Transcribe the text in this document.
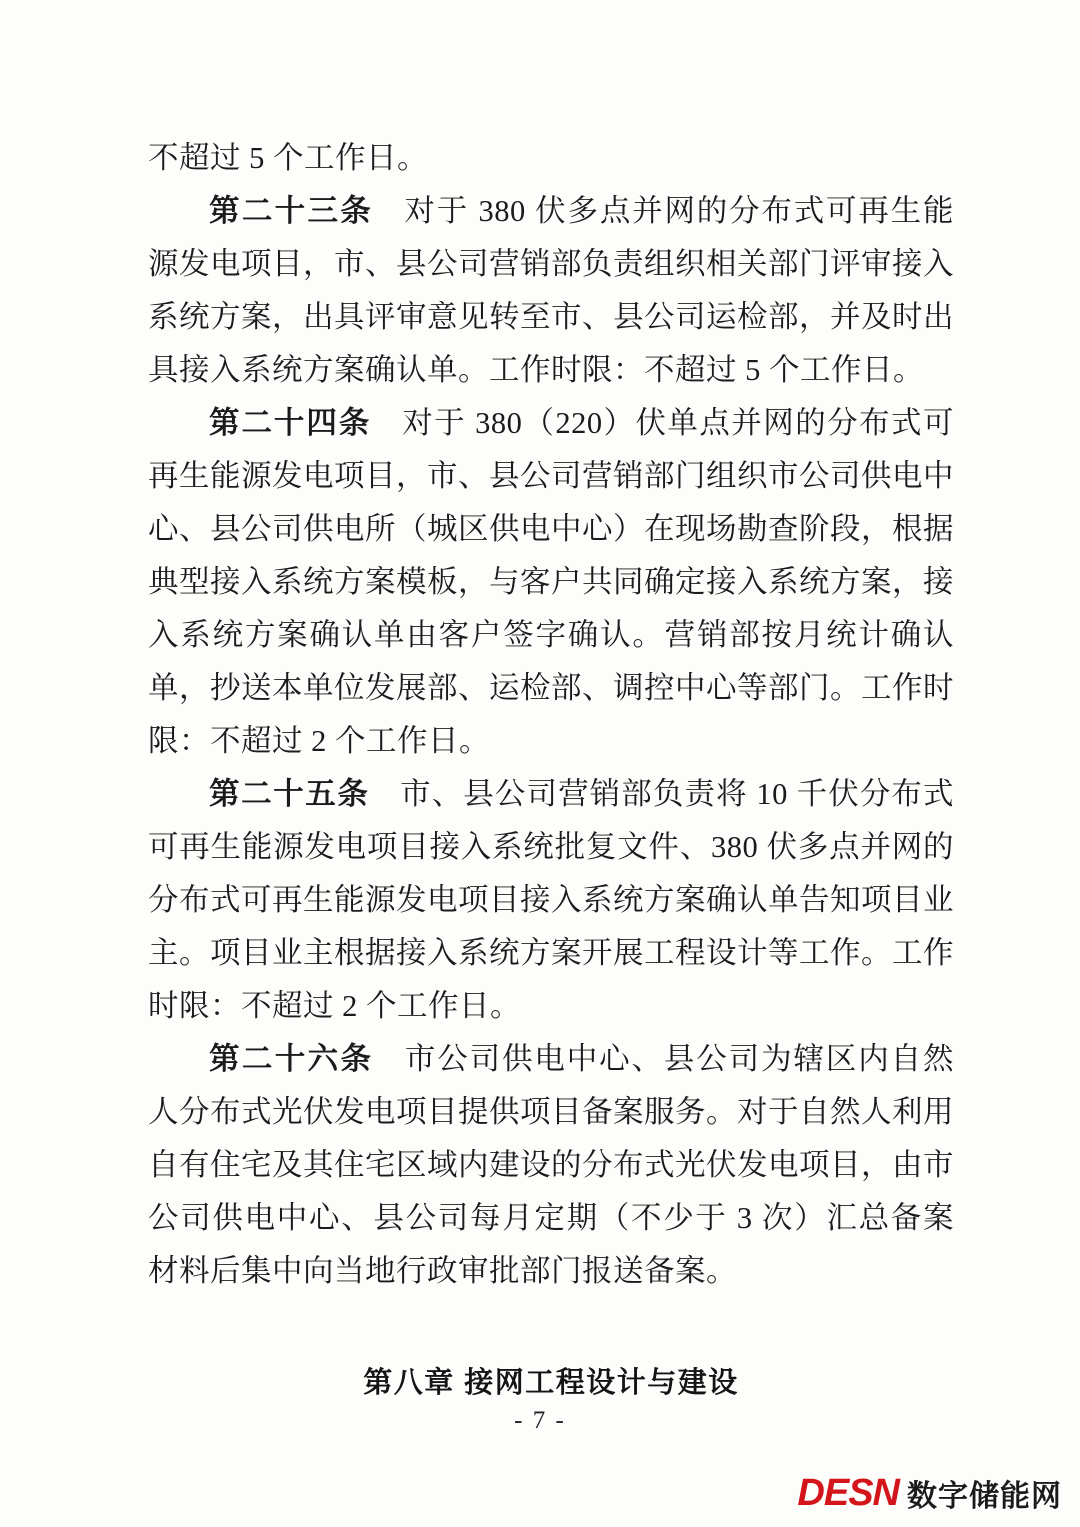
不超过 5 个工作日。

第二十三条 对于 380 伏多点并网的分布式可再生能源发电项目，市、县公司营销部负责组织相关部门评审接入系统方案，出具评审意见转至市、县公司运检部，并及时出具接入系统方案确认单。工作时限：不超过 5 个工作日。

第二十四条 对于 380（220）伏单点并网的分布式可再生能源发电项目，市、县公司营销部门组织市公司供电中心、县公司供电所（城区供电中心）在现场勘查阶段，根据典型接入系统方案模板，与客户共同确定接入系统方案，接入系统方案确认单由客户签字确认。营销部按月统计确认单，抄送本单位发展部、运检部、调控中心等部门。工作时限：不超过 2 个工作日。

第二十五条 市、县公司营销部负责将 10 千伏分布式可再生能源发电项目接入系统批复文件、380 伏多点并网的分布式可再生能源发电项目接入系统方案确认单告知项目业主。项目业主根据接入系统方案开展工程设计等工作。工作时限：不超过 2 个工作日。

第二十六条 市公司供电中心、县公司为辖区内自然人分布式光伏发电项目提供项目备案服务。对于自然人利用自有住宅及其住宅区域内建设的分布式光伏发电项目，由市公司供电中心、县公司每月定期（不少于 3 次）汇总备案材料后集中向当地行政审批部门报送备案。

第八章 接网工程设计与建设
- 7 -
DESN 数字储能网
